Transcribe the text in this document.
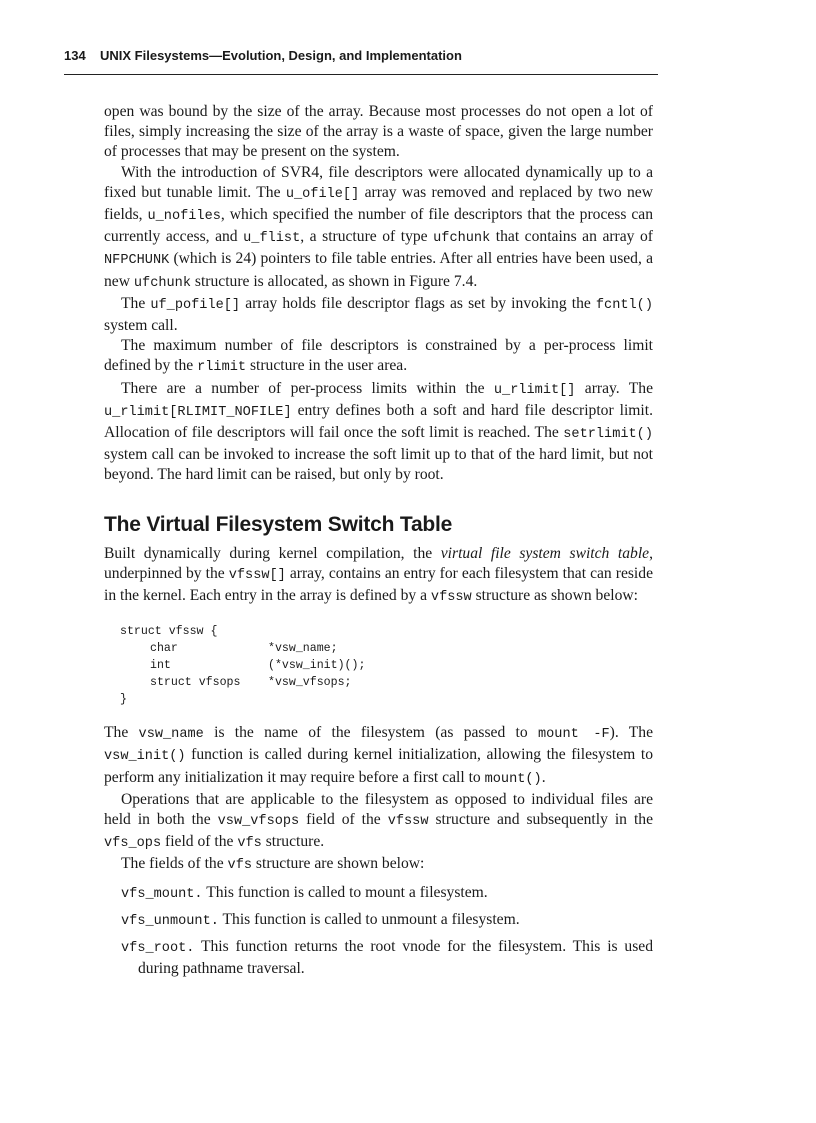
134 UNIX Filesystems—Evolution, Design, and Implementation

open was bound by the size of the array. Because most processes do not open a lot of files, simply increasing the size of the array is a waste of space, given the large number of processes that may be present on the system.

With the introduction of SVR4, file descriptors were allocated dynamically up to a fixed but tunable limit. The u_ofile[] array was removed and replaced by two new fields, u_nofiles, which specified the number of file descriptors that the process can currently access, and u_flist, a structure of type ufchunk that contains an array of NFPCHUNK (which is 24) pointers to file table entries. After all entries have been used, a new ufchunk structure is allocated, as shown in Figure 7.4.

The uf_pofile[] array holds file descriptor flags as set by invoking the fcntl() system call.

The maximum number of file descriptors is constrained by a per-process limit defined by the rlimit structure in the user area.

There are a number of per-process limits within the u_rlimit[] array. The u_rlimit[RLIMIT_NOFILE] entry defines both a soft and hard file descriptor limit. Allocation of file descriptors will fail once the soft limit is reached. The setrlimit() system call can be invoked to increase the soft limit up to that of the hard limit, but not beyond. The hard limit can be raised, but only by root.

The Virtual Filesystem Switch Table

Built dynamically during kernel compilation, the virtual file system switch table, underpinned by the vfssw[] array, contains an entry for each filesystem that can reside in the kernel. Each entry in the array is defined by a vfssw structure as shown below:

struct vfssw {
char	*vsw_name;
int	(*vsw_init)();
struct vfsops *vsw_vfsops;
}

The vsw_name is the name of the filesystem (as passed to mount -F). The vsw_init() function is called during kernel initialization, allowing the filesystem to perform any initialization it may require before a first call to mount().

Operations that are applicable to the filesystem as opposed to individual files are held in both the vsw_vfsops field of the vfssw structure and subsequently in the vfs_ops field of the vfs structure.

The fields of the vfs structure are shown below:

vfs_mount. This function is called to mount a filesystem.

vfs_unmount. This function is called to unmount a filesystem.

vfs_root. This function returns the root vnode for the filesystem. This is used during pathname traversal.
